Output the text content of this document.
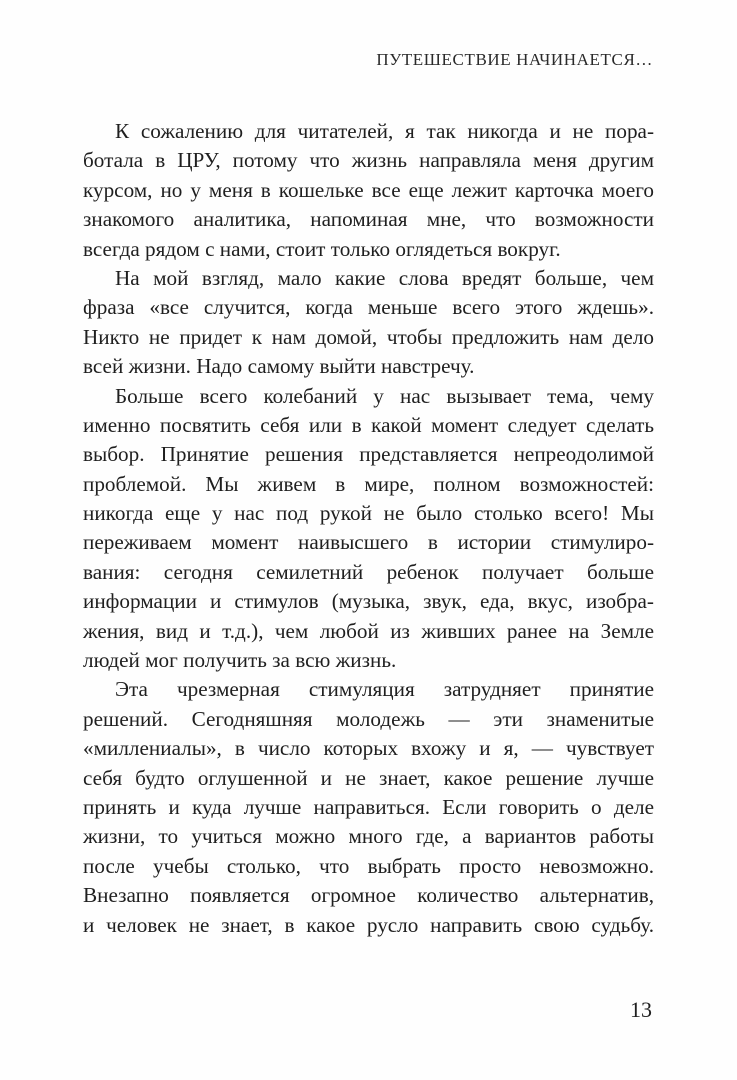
ПУТЕШЕСТВИЕ НАЧИНАЕТСЯ…
К сожалению для читателей, я так никогда и не пора-
ботала в ЦРУ, потому что жизнь направляла меня другим
курсом, но у меня в кошельке все еще лежит карточка моего
знакомого аналитика, напоминая мне, что возможности
всегда рядом с нами, стоит только оглядеться вокруг.
На мой взгляд, мало какие слова вредят больше, чем
фраза «все случится, когда меньше всего этого ждешь».
Никто не придет к нам домой, чтобы предложить нам дело
всей жизни. Надо самому выйти навстречу.
Больше всего колебаний у нас вызывает тема, чему
именно посвятить себя или в какой момент следует сделать
выбор. Принятие решения представляется непреодолимой
проблемой. Мы живем в мире, полном возможностей:
никогда еще у нас под рукой не было столько всего! Мы
переживаем момент наивысшего в истории стимулиро-
вания: сегодня семилетний ребенок получает больше
информации и стимулов (музыка, звук, еда, вкус, изобра-
жения, вид и т.д.), чем любой из живших ранее на Земле
людей мог получить за всю жизнь.
Эта чрезмерная стимуляция затрудняет принятие
решений. Сегодняшняя молодежь — эти знаменитые
«миллениалы», в число которых вхожу и я, — чувствует
себя будто оглушенной и не знает, какое решение лучше
принять и куда лучше направиться. Если говорить о деле
жизни, то учиться можно много где, а вариантов работы
после учебы столько, что выбрать просто невозможно.
Внезапно появляется огромное количество альтернатив,
и человек не знает, в какое русло направить свою судьбу.
13
